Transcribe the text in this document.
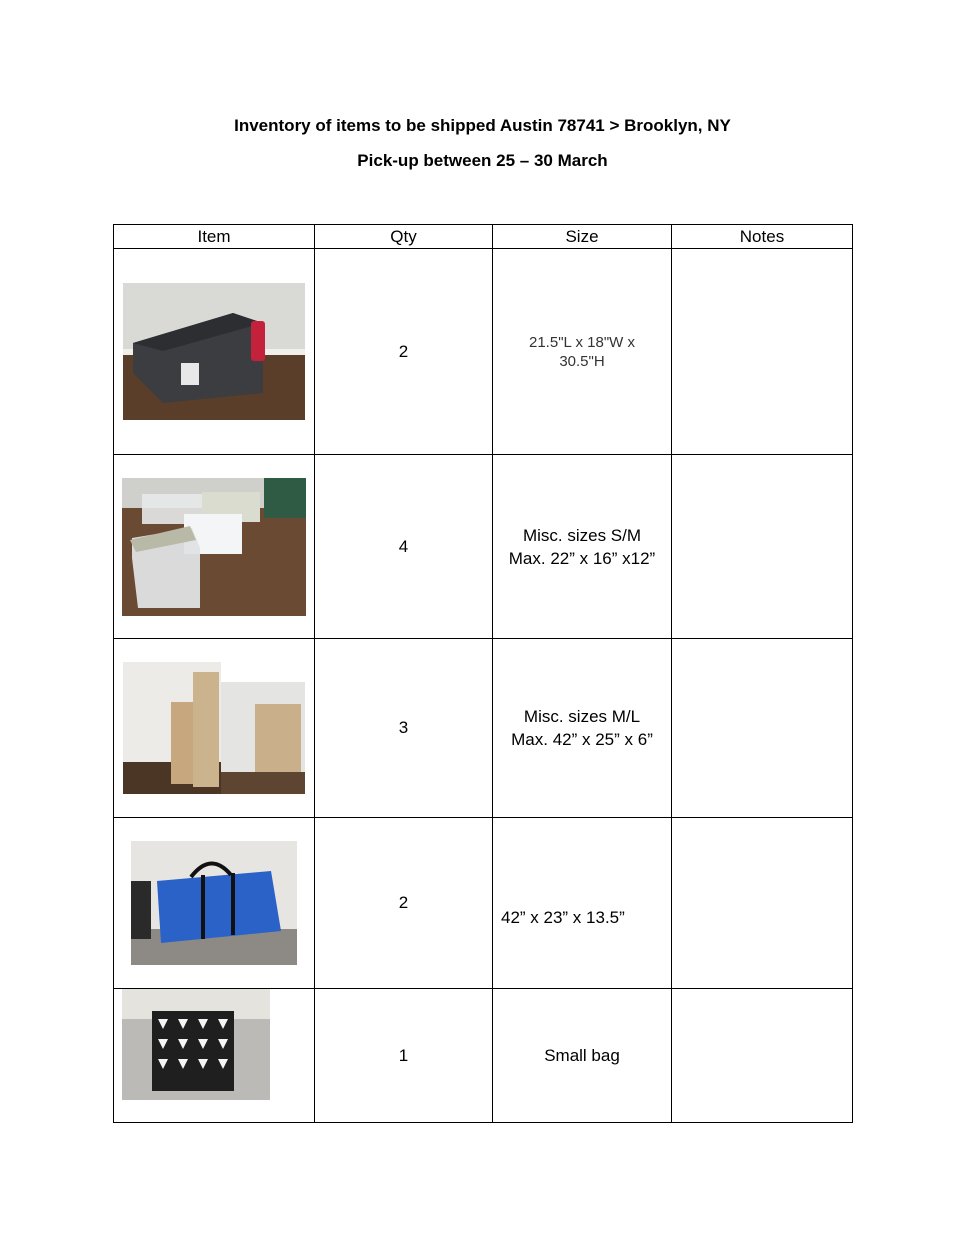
Inventory of items to be shipped Austin 78741 > Brooklyn, NY
Pick-up between 25 – 30 March
Item	Qty	Size	Notes

	2	21.5"L x 18"W x
30.5"H	

	4	Misc. sizes S/M
Max. 22” x 16” x12”	

	3	Misc. sizes M/L
Max. 42” x 25” x 6”	

	2	42” x 23” x 13.5”	

	1	Small bag	
